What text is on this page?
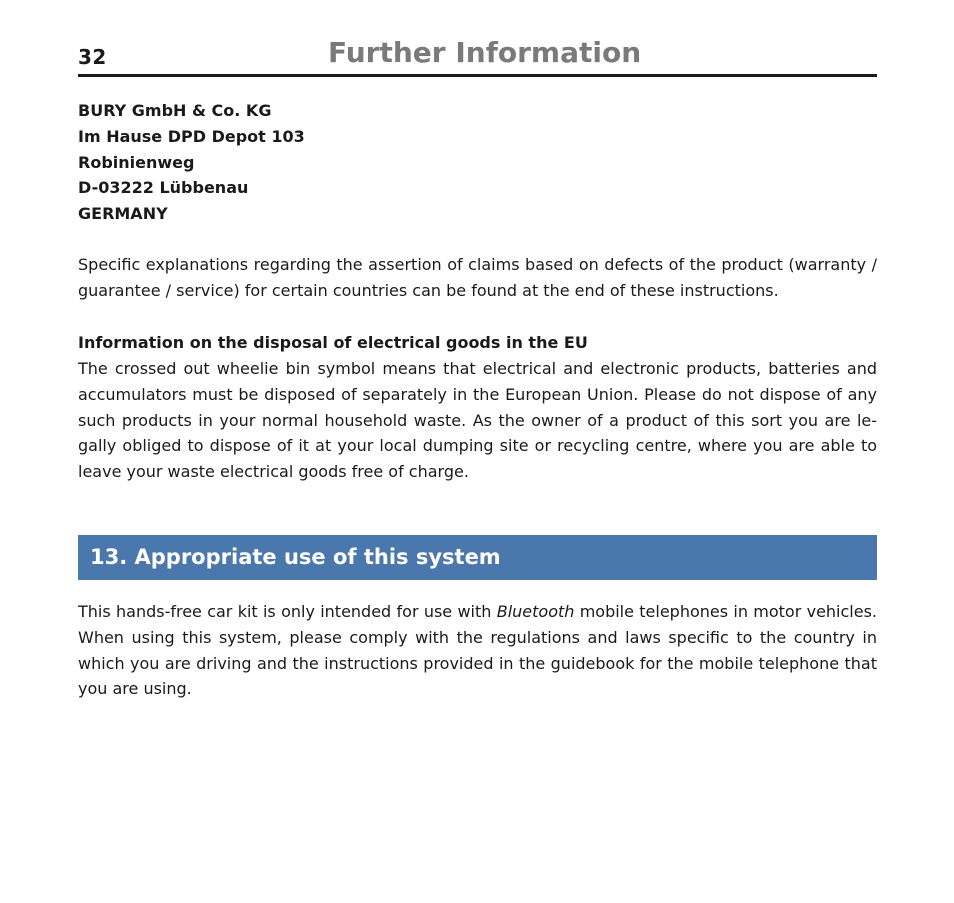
32	Further Information
BURY GmbH & Co. KG
Im Hause DPD Depot 103
Robinienweg
D-03222 Lübbenau
GERMANY
Specific explanations regarding the assertion of claims based on defects of the product (warranty / guarantee / service) for certain countries can be found at the end of these instructions.
Information on the disposal of electrical goods in the EU
The crossed out wheelie bin symbol means that electrical and electronic products, batteries and accumulators must be disposed of separately in the European Union. Please do not dispose of any such products in your normal household waste. As the owner of a product of this sort you are le-gally obliged to dispose of it at your local dumping site or recycling centre, where you are able to leave your waste electrical goods free of charge.
13. Appropriate use of this system
This hands-free car kit is only intended for use with Bluetooth mobile telephones in motor vehicles. When using this system, please comply with the regulations and laws specific to the country in which you are driving and the instructions provided in the guidebook for the mobile telephone that you are using.
